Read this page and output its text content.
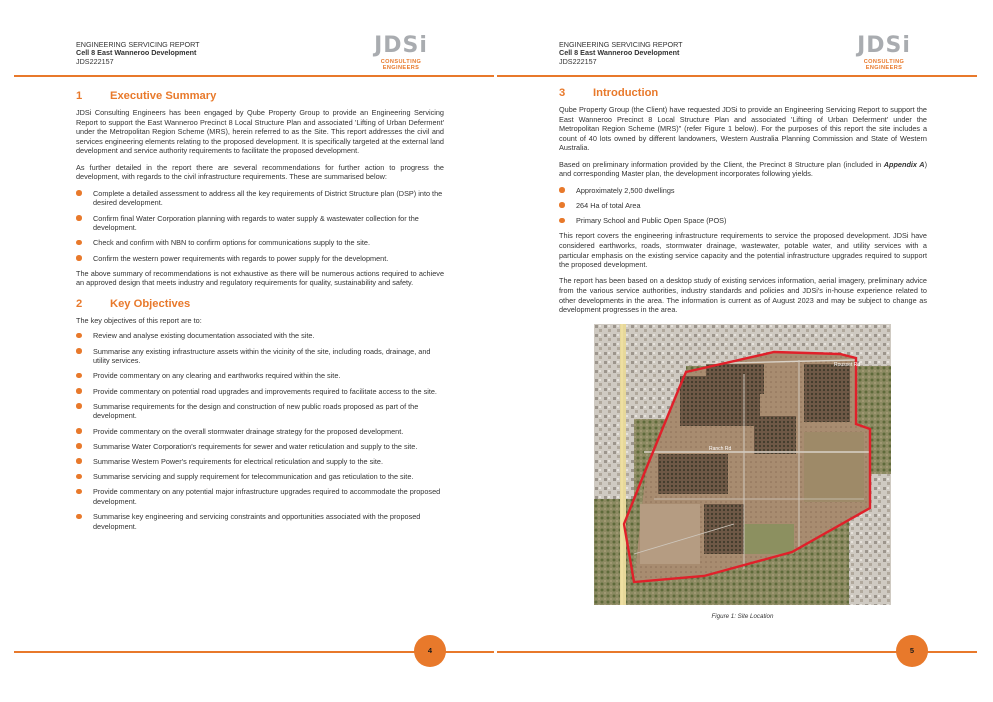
ENGINEERING SERVICING REPORT
Cell 8 East Wanneroo Development
JDS222157
JDSi
CONSULTING ENGINEERS
1 Executive Summary

JDSi Consulting Engineers has been engaged by Qube Property Group to provide an Engineering Servicing Report to support the East Wanneroo Precinct 8 Local Structure Plan and associated 'Lifting of Urban Deferment' under the Metropolitan Region Scheme (MRS), herein referred to as the Site. This report addresses the civil and services engineering elements relating to the proposed development. It is specifically targeted at the external land development and service authority requirements to facilitate the proposed development.

As further detailed in the report there are several recommendations for further action to progress the development, with regards to the civil infrastructure requirements. These are summarised below:

Complete a detailed assessment to address all the key requirements of District Structure plan (DSP) into the desired development.
Confirm final Water Corporation planning with regards to water supply & wastewater collection for the development.
Check and confirm with NBN to confirm options for communications supply to the site.
Confirm the western power requirements with regards to power supply for the development.

The above summary of recommendations is not exhaustive as there will be numerous actions required to achieve an approved design that meets industry and regulatory requirements for quality, sustainability and safety.

2 Key Objectives

The key objectives of this report are to:

Review and analyse existing documentation associated with the site.
Summarise any existing infrastructure assets within the vicinity of the site, including roads, drainage, and utility services.
Provide commentary on any clearing and earthworks required within the site.
Provide commentary on potential road upgrades and improvements required to facilitate access to the site.
Summarise requirements for the design and construction of new public roads proposed as part of the development.
Provide commentary on the overall stormwater drainage strategy for the proposed development.
Summarise Water Corporation's requirements for sewer and water reticulation and supply to the site.
Summarise Western Power's requirements for electrical reticulation and supply to the site.
Summarise servicing and supply requirement for telecommunication and gas reticulation to the site.
Provide commentary on any potential major infrastructure upgrades required to accommodate the proposed development.
Summarise key engineering and servicing constraints and opportunities associated with the proposed development.
4
ENGINEERING SERVICING REPORT
Cell 8 East Wanneroo Development
JDS222157
JDSi
CONSULTING ENGINEERS
3 Introduction

Qube Property Group (the Client) have requested JDSi to provide an Engineering Servicing Report to support the East Wanneroo Precinct 8 Local Structure Plan and associated 'Lifting of Urban Deferment' under the Metropolitan Region Scheme (MRS)" (refer Figure 1 below). For the purposes of this report the site includes a count of 40 lots owned by different landowners, Western Australia Planning Commission and State of Western Australia.

Based on preliminary information provided by the Client, the Precinct 8 Structure plan (included in Appendix A) and corresponding Master plan, the development incorporates following yields.

Approximately 2,500 dwellings
264 Ha of total Area
Primary School and Public Open Space (POS)

This report covers the engineering infrastructure requirements to service the proposed development. JDSi have considered earthworks, roads, stormwater drainage, wastewater, potable water, and utility services with a particular emphasis on the existing service capacity and the potential infrastructure upgrades required to support the proposed development.

The report has been based on a desktop study of existing services information, aerial imagery, preliminary advice from the various service authorities, industry standards and policies and JDSi's in-house experience related to other developments in the area. The information is current as of August 2023 and may be subject to change as development progresses in the area.

Rousset Rd
Ranch Rd
Figure 1: Site Location
5
